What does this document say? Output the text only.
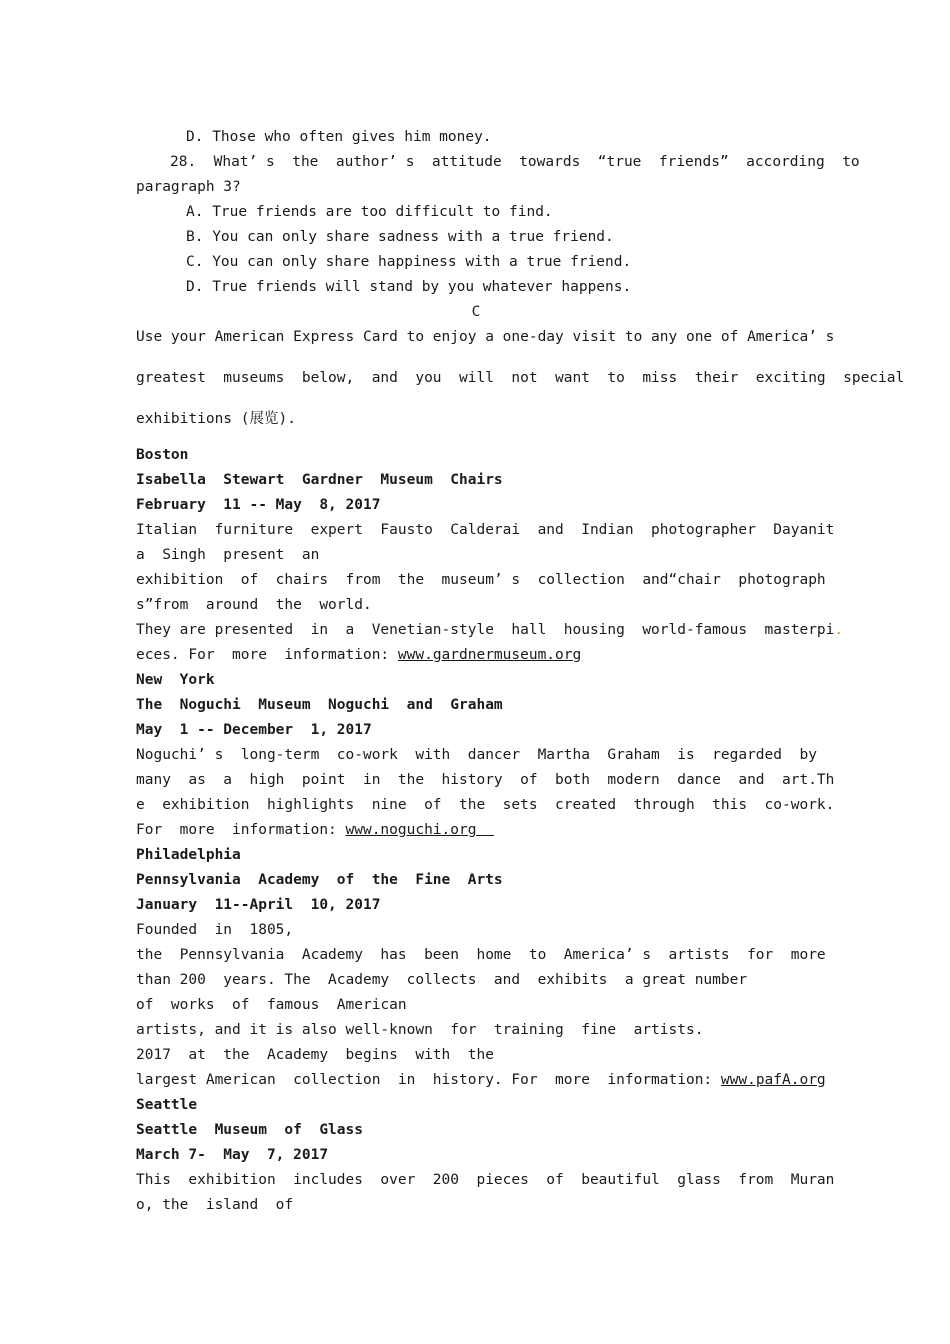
D. Those who often gives him money.
28.  What’ s  the  author’ s  attitude  towards  “true  friends”  according  to
paragraph 3?
A. True friends are too difficult to find.
B. You can only share sadness with a true friend.
C. You can only share happiness with a true friend.
D. True friends will stand by you whatever happens.
C
Use your American Express Card to enjoy a one-day visit to any one of America’ s
greatest  museums  below,  and  you  will  not  want  to  miss  their  exciting  special
exhibitions (展览).
Boston
Isabella  Stewart  Gardner  Museum  Chairs
February  11 -- May  8, 2017
Italian  furniture  expert  Fausto  Calderai  and  Indian  photographer  Dayanit
a  Singh  present  an
exhibition  of  chairs  from  the  museum’ s  collection  and“chair  photograph
s”from  around  the  world.
They are presented  in  a  Venetian-style  hall  housing  world-famous  masterpi.
eces. For  more  information: www.gardnermuseum.org
New  York
The  Noguchi  Museum  Noguchi  and  Graham
May  1 -- December  1, 2017
Noguchi’ s  long-term  co-work  with  dancer  Martha  Graham  is  regarded  by
many  as  a  high  point  in  the  history  of  both  modern  dance  and  art.Th
e  exhibition  highlights  nine  of  the  sets  created  through  this  co-work.
For  more  information: www.noguchi.org
Philadelphia
Pennsylvania  Academy  of  the  Fine  Arts
January  11--April  10, 2017
Founded  in  1805,
the  Pennsylvania  Academy  has  been  home  to  America’ s  artists  for  more
than 200  years. The  Academy  collects  and  exhibits  a great number
of  works  of  famous  American
artists, and it is also well-known  for  training  fine  artists.
2017  at  the  Academy  begins  with  the
largest American  collection  in  history. For  more  information: www.pafA.org
Seattle
Seattle  Museum  of  Glass
March 7-  May  7, 2017
This  exhibition  includes  over  200  pieces  of  beautiful  glass  from  Muran
o, the  island  of
